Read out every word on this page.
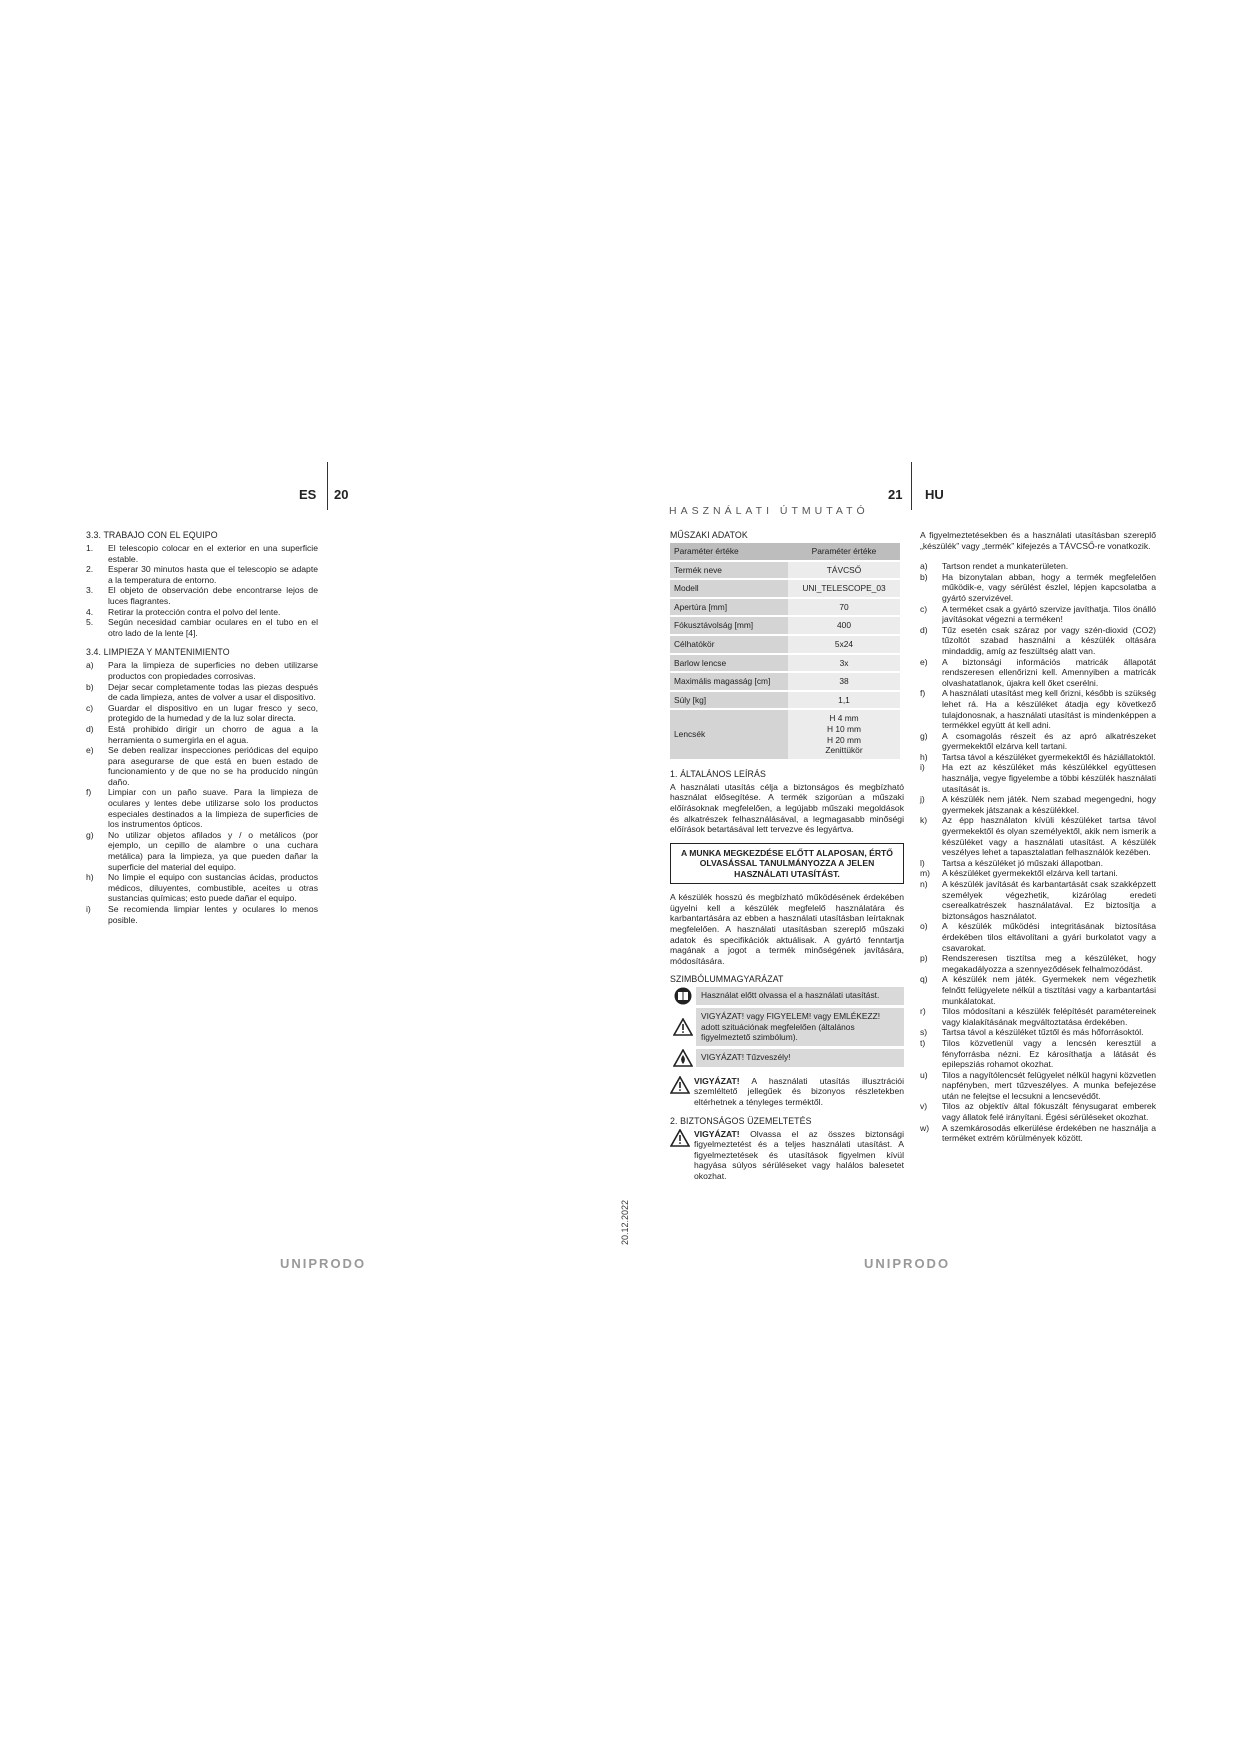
ES 20
3.3. TRABAJO CON EL EQUIPO
1.	El telescopio colocar en el exterior en una superficie estable.
2.	Esperar 30 minutos hasta que el telescopio se adapte a la temperatura de entorno.
3.	El objeto de observación debe encontrarse lejos de luces flagrantes.
4.	Retirar la protección contra el polvo del lente.
5.	Según necesidad cambiar oculares en el tubo en el otro lado de la lente [4].
3.4. LIMPIEZA Y MANTENIMIENTO
a)	Para la limpieza de superficies no deben utilizarse productos con propiedades corrosivas.
b)	Dejar secar completamente todas las piezas después de cada limpieza, antes de volver a usar el dispositivo.
c)	Guardar el dispositivo en un lugar fresco y seco, protegido de la humedad y de la luz solar directa.
d)	Está prohibido dirigir un chorro de agua a la herramienta o sumergirla en el agua.
e)	Se deben realizar inspecciones periódicas del equipo para asegurarse de que está en buen estado de funcionamiento y de que no se ha producido ningún daño.
f)	Limpiar con un paño suave. Para la limpieza de oculares y lentes debe utilizarse solo los productos especiales destinados a la limpieza de superficies de los instrumentos ópticos.
g)	No utilizar objetos afilados y / o metálicos (por ejemplo, un cepillo de alambre o una cuchara metálica) para la limpieza, ya que pueden dañar la superficie del material del equipo.
h)	No limpie el equipo con sustancias ácidas, productos médicos, diluyentes, combustible, aceites u otras sustancias químicas; esto puede dañar el equipo.
i)	Se recomienda limpiar lentes y oculares lo menos posible.
UNIPRODO
20.12.2022
HASZNÁLATI ÚTMUTATÓ
21 HU
MŰSZAKI ADATOK
Paraméter értéke	Paraméter értéke
Termék neve	TÁVCSŐ
Modell	UNI_TELESCOPE_03
Apertúra [mm]	70
Fókusztávolság [mm]	400
Célhatókör	5x24
Barlow lencse	3x
Maximális magasság [cm]	38
Súly [kg]	1,1
Lencsék	H 4 mm
H 10 mm
H 20 mm
Zenittükör
1. ÁLTALÁNOS LEÍRÁS

A használati utasítás célja a biztonságos és megbízható használat elősegítése. A termék szigorúan a műszaki előírásoknak megfelelően, a legújabb műszaki megoldások és alkatrészek felhasználásával, a legmagasabb minőségi előírások betartásával lett tervezve és legyártva.

A MUNKA MEGKEZDÉSE ELŐTT ALAPOSAN, ÉRTŐ OLVASÁSSAL TANULMÁNYOZZA A JELEN HASZNÁLATI UTASÍTÁST.

A készülék hosszú és megbízható működésének érdekében ügyelni kell a készülék megfelelő használatára és karbantartására az ebben a használati utasításban leírtaknak megfelelően. A használati utasításban szereplő műszaki adatok és specifikációk aktuálisak. A gyártó fenntartja magának a jogot a termék minőségének javítására, módosítására.

SZIMBÓLUMMAGYARÁZAT
Használat előtt olvassa el a használati utasítást.
VIGYÁZAT! vagy FIGYELEM! vagy EMLÉKEZZ! adott szituációnak megfelelően (általános figyelmeztető szimbólum).
VIGYÁZAT! Tűzveszély!

VIGYÁZAT! A használati utasítás illusztrációi szemléltető jellegűek és bizonyos részletekben eltérhetnek a tényleges terméktől.

2. BIZTONSÁGOS ÜZEMELTETÉS

VIGYÁZAT! Olvassa el az összes biztonsági figyelmeztetést és a teljes használati utasítást. A figyelmeztetések és utasítások figyelmen kívül hagyása súlyos sérüléseket vagy halálos balesetet okozhat.

A figyelmeztetésekben és a használati utasításban szereplő „készülék” vagy „termék” kifejezés a TÁVCSŐ-re vonatkozik.

a)	Tartson rendet a munkaterületen.
b)	Ha bizonytalan abban, hogy a termék megfelelően működik-e, vagy sérülést észlel, lépjen kapcsolatba a gyártó szervizével.
c)	A terméket csak a gyártó szervize javíthatja. Tilos önálló javításokat végezni a terméken!
d)	Tűz esetén csak száraz por vagy szén-dioxid (CO2) tűzoltót szabad használni a készülék oltására mindaddig, amíg az feszültség alatt van.
e)	A biztonsági információs matricák állapotát rendszeresen ellenőrizni kell. Amennyiben a matricák olvashatatlanok, újakra kell őket cserélni.
f)	A használati utasítást meg kell őrizni, később is szükség lehet rá. Ha a készüléket átadja egy következő tulajdonosnak, a használati utasítást is mindenképpen a termékkel együtt át kell adni.
g)	A csomagolás részeit és az apró alkatrészeket gyermekektől elzárva kell tartani.
h)	Tartsa távol a készüléket gyermekektől és háziállatoktól.
i)	Ha ezt az készüléket más készülékkel együttesen használja, vegye figyelembe a többi készülék használati utasítását is.
j)	A készülék nem játék. Nem szabad megengedni, hogy gyermekek játszanak a készülékkel.
k)	Az épp használaton kívüli készüléket tartsa távol gyermekektől és olyan személyektől, akik nem ismerik a készüléket vagy a használati utasítást. A készülék veszélyes lehet a tapasztalatlan felhasználók kezében.
l)	Tartsa a készüléket jó műszaki állapotban.
m)	A készüléket gyermekektől elzárva kell tartani.
n)	A készülék javítását és karbantartását csak szakképzett személyek végezhetik, kizárólag eredeti cserealkatrészek használatával. Ez biztosítja a biztonságos használatot.
o)	A készülék működési integritásának biztosítása érdekében tilos eltávolítani a gyári burkolatot vagy a csavarokat.
p)	Rendszeresen tisztítsa meg a készüléket, hogy megakadályozza a szennyeződések felhalmozódást.
q)	A készülék nem játék. Gyermekek nem végezhetik felnőtt felügyelete nélkül a tisztítási vagy a karbantartási munkálatokat.
r)	Tilos módosítani a készülék felépítését paramétereinek vagy kialakításának megváltoztatása érdekében.
s)	Tartsa távol a készüléket tűztől és más hőforrásoktól.
t)	Tilos közvetlenül vagy a lencsén keresztül a fényforrásba nézni. Ez károsíthatja a látását és epilepsziás rohamot okozhat.
u)	Tilos a nagyítólencsét felügyelet nélkül hagyni közvetlen napfényben, mert tűzveszélyes. A munka befejezése után ne felejtse el lecsukni a lencsevédőt.
v)	Tilos az objektív által fókuszált fénysugarat emberek vagy állatok felé irányítani. Égési sérüléseket okozhat.
w)	A szemkárosodás elkerülése érdekében ne használja a terméket extrém körülmények között.
UNIPRODO
